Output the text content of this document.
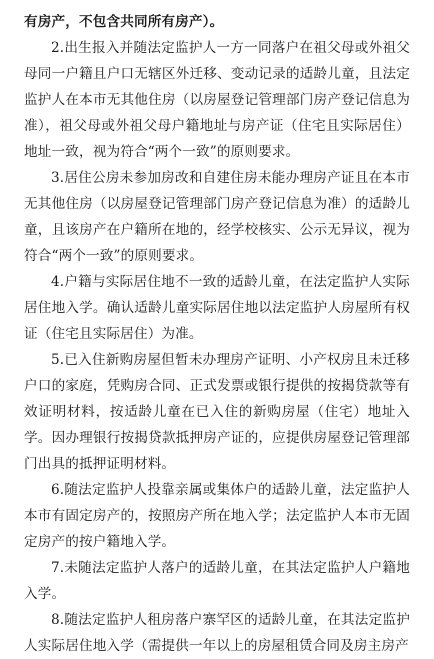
有房产，不包含共同所有房产）。

2.出生报入并随法定监护人一方一同落户在祖父母或外祖父母同一户籍且户口无辖区外迁移、变动记录的适龄儿童，且法定监护人在本市无其他住房（以房屋登记管理部门房产登记信息为准），祖父母或外祖父母户籍地址与房产证（住宅且实际居住）地址一致，视为符合“两个一致”的原则要求。

3.居住公房未参加房改和自建住房未能办理房产证且在本市无其他住房（以房屋登记管理部门房产登记信息为准）的适龄儿童，且该房产在户籍所在地的，经学校核实、公示无异议，视为符合“两个一致”的原则要求。

4.户籍与实际居住地不一致的适龄儿童，在法定监护人实际居住地入学。确认适龄儿童实际居住地以法定监护人房屋所有权证（住宅且实际居住）为准。

5.已入住新购房屋但暂未办理房产证明、小产权房且未迁移户口的家庭，凭购房合同、正式发票或银行提供的按揭贷款等有效证明材料，按适龄儿童在已入住的新购房屋（住宅）地址入学。因办理银行按揭贷款抵押房产证的，应提供房屋登记管理部门出具的抵押证明材料。

6.随法定监护人投靠亲属或集体户的适龄儿童，法定监护人本市有固定房产的，按照房产所在地入学；法定监护人本市无固定房产的按户籍地入学。

7.未随法定监护人落户的适龄儿童，在其法定监护人户籍地入学。

8.随法定监护人租房落户寨罕区的适龄儿童，在其法定监护人实际居住地入学（需提供一年以上的房屋租赁合同及房主房产
